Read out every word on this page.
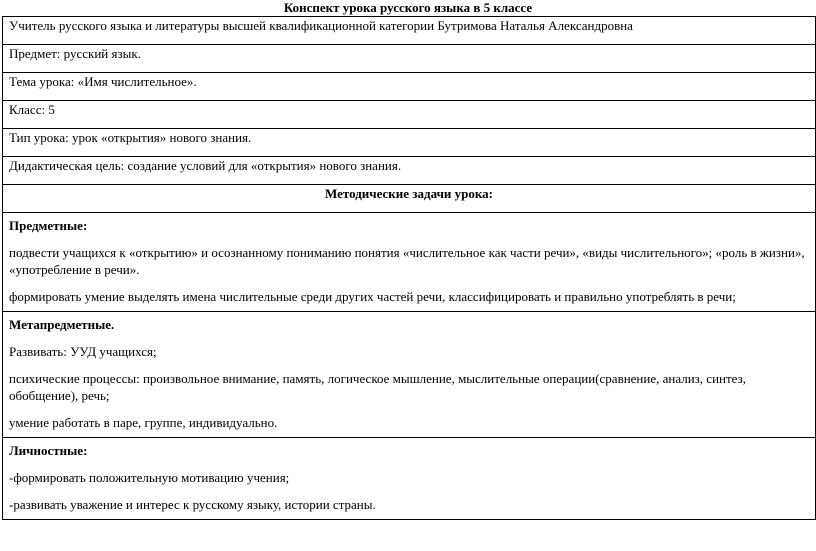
Конспект урока русского языка в 5 классе
Учитель русского языка и литературы высшей квалификационной категории Бутримова Наталья Александровна
Предмет: русский язык.
Тема урока: «Имя числительное».
Класс: 5
Тип урока: урок «открытия» нового знания.
Дидактическая цель: создание условий для «открытия» нового знания.
Методические задачи урока:

Предметные:
подвести учащихся к «открытию» и осознанному пониманию понятия «числительное как части речи», «виды числительного»; «роль в жизни», «употребление в речи».
формировать умение выделять имена числительные среди других частей речи, классифицировать и правильно употреблять в речи;

Метапредметные.
Развивать: УУД учащихся;
психические процессы: произвольное внимание, память, логическое мышление, мыслительные операции(сравнение, анализ, синтез, обобщение), речь;
умение работать в паре, группе, индивидуально.

Личностные:
-формировать положительную мотивацию учения;
-развивать уважение и интерес к русскому языку, истории страны.
